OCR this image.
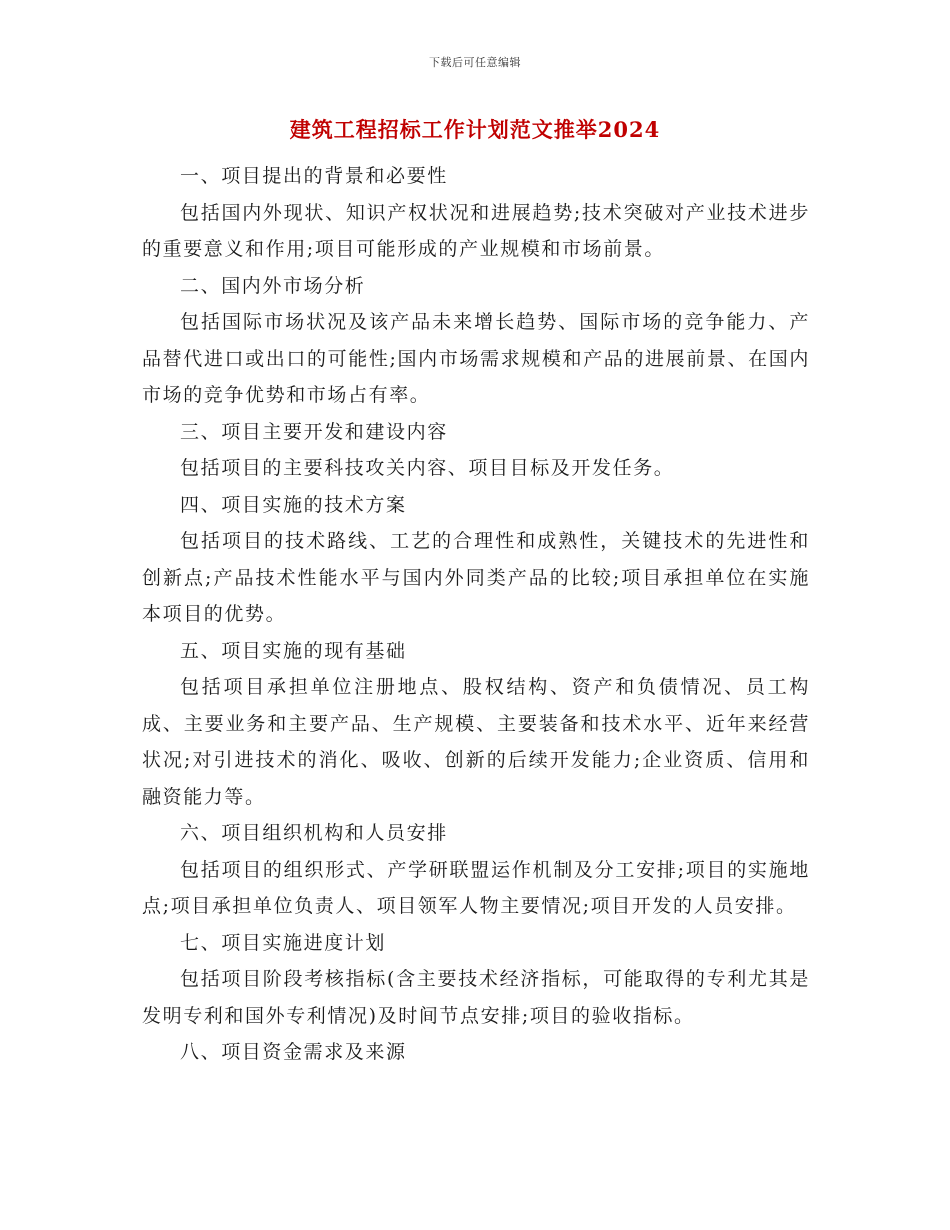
下载后可任意编辑
建筑工程招标工作计划范文推举2024

一、项目提出的背景和必要性

包括国内外现状、知识产权状况和进展趋势;技术突破对产业技术进步的重要意义和作用;项目可能形成的产业规模和市场前景。

二、国内外市场分析

包括国际市场状况及该产品未来增长趋势、国际市场的竞争能力、产品替代进口或出口的可能性;国内市场需求规模和产品的进展前景、在国内市场的竞争优势和市场占有率。

三、项目主要开发和建设内容

包括项目的主要科技攻关内容、项目目标及开发任务。

四、项目实施的技术方案

包括项目的技术路线、工艺的合理性和成熟性，关键技术的先进性和创新点;产品技术性能水平与国内外同类产品的比较;项目承担单位在实施本项目的优势。

五、项目实施的现有基础

包括项目承担单位注册地点、股权结构、资产和负债情况、员工构成、主要业务和主要产品、生产规模、主要装备和技术水平、近年来经营状况;对引进技术的消化、吸收、创新的后续开发能力;企业资质、信用和融资能力等。

六、项目组织机构和人员安排

包括项目的组织形式、产学研联盟运作机制及分工安排;项目的实施地点;项目承担单位负责人、项目领军人物主要情况;项目开发的人员安排。

七、项目实施进度计划

包括项目阶段考核指标(含主要技术经济指标，可能取得的专利尤其是发明专利和国外专利情况)及时间节点安排;项目的验收指标。

八、项目资金需求及来源
